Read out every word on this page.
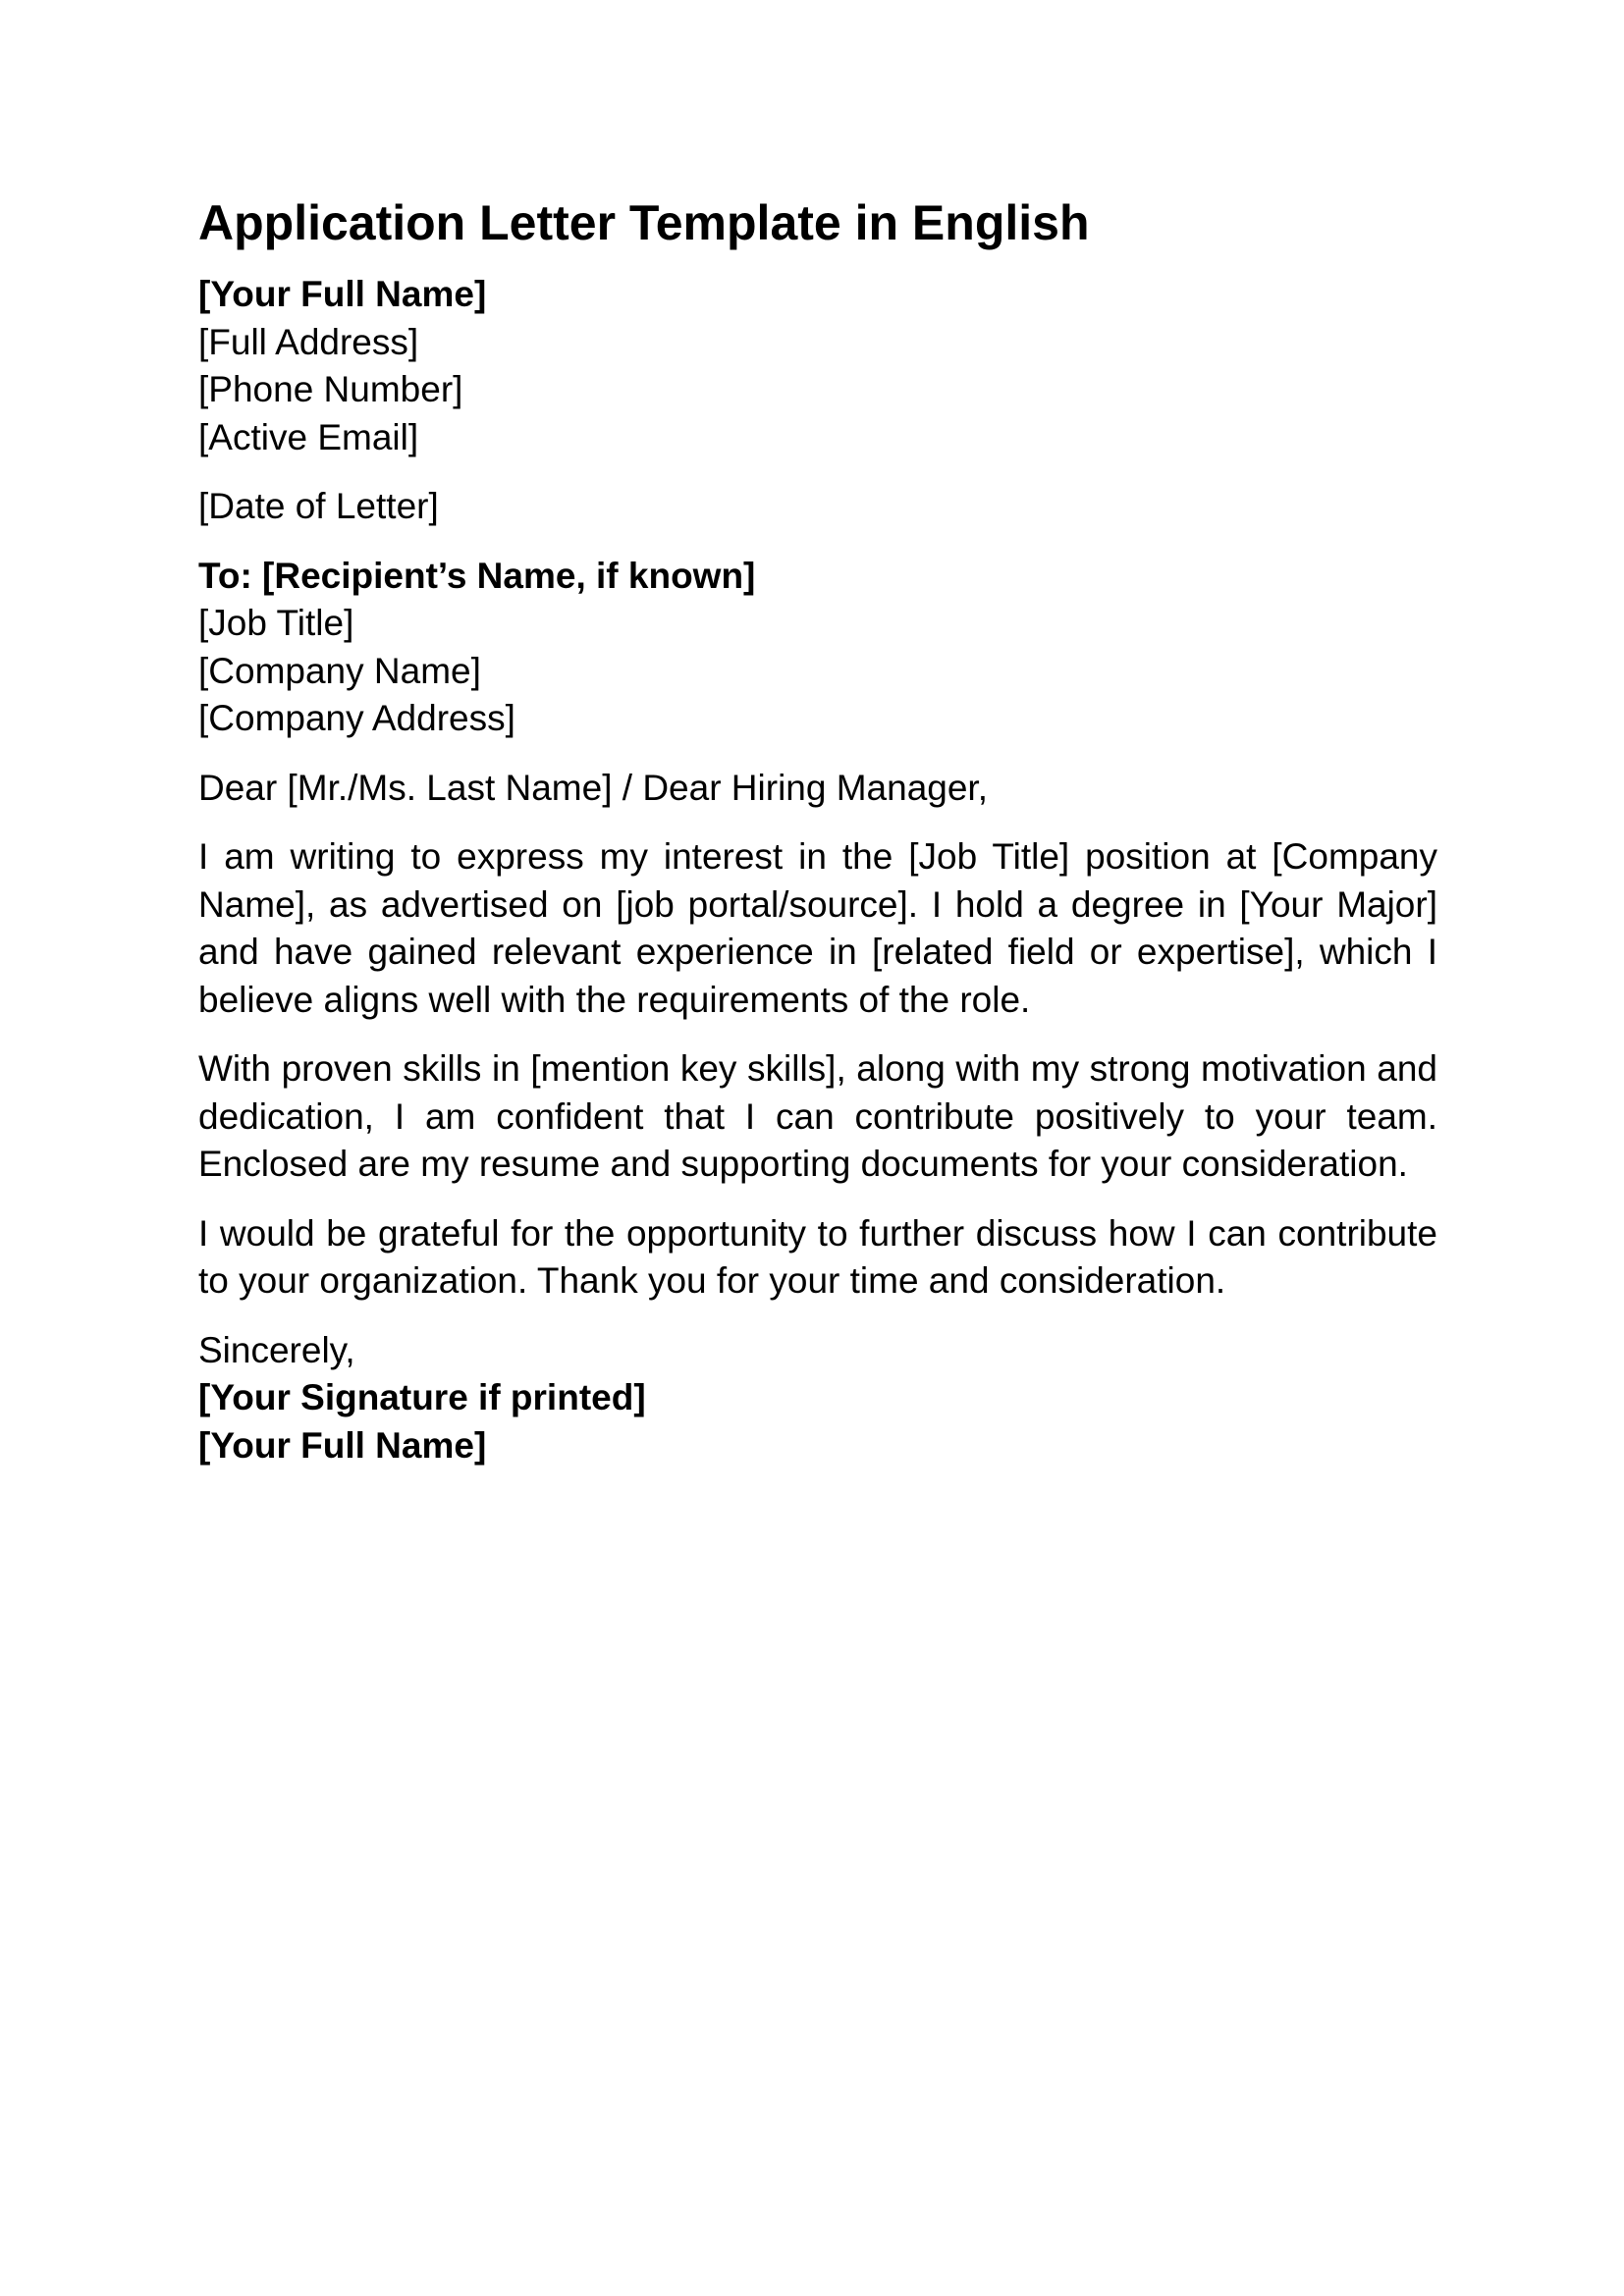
Application Letter Template in English

[Your Full Name]

[Full Address]

[Phone Number]

[Active Email]

[Date of Letter]

To: [Recipient’s Name, if known]

[Job Title]

[Company Name]

[Company Address]

Dear [Mr./Ms. Last Name] / Dear Hiring Manager,

I am writing to express my interest in the [Job Title] position at [Company Name], as advertised on [job portal/source]. I hold a degree in [Your Major] and have gained relevant experience in [related field or expertise], which I believe aligns well with the requirements of the role.

With proven skills in [mention key skills], along with my strong motivation and dedication, I am confident that I can contribute positively to your team. Enclosed are my resume and supporting documents for your consideration.

I would be grateful for the opportunity to further discuss how I can contribute to your organization. Thank you for your time and consideration.

Sincerely,

[Your Signature if printed]

[Your Full Name]
